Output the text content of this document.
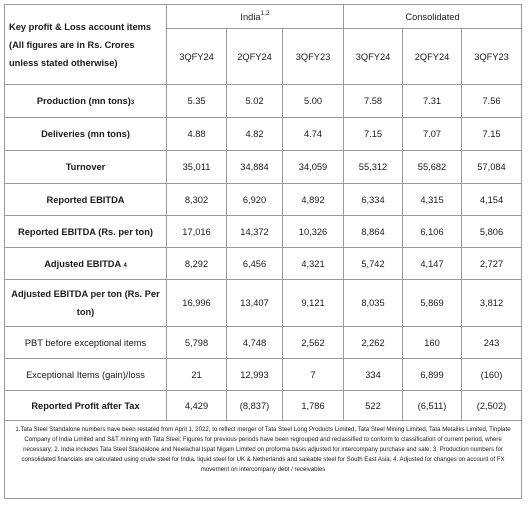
Key profit & Loss account items (All figures are in Rs. Crores unless stated otherwise)	India$^{1,2}$			Consolidated		
	3QFY24	2QFY24	3QFY23	3QFY24	2QFY24	3QFY23
Production (mn tons)3	5.35	5.02	5.00	7.58	7.31	7.56
Deliveries (mn tons)	4.88	4.82	4.74	7.15	7.07	7.15
Turnover	35,011	34,884	34,059	55,312	55,682	57,084
Reported EBITDA	8,302	6,920	4,892	6,334	4,315	4,154
Reported EBITDA (Rs. per ton)	17,016	14,372	10,326	8,864	6,106	5,806
Adjusted EBITDA 4	8,292	6,456	4,321	5,742	4,147	2,727
Adjusted EBITDA per ton (Rs. Per ton)	16,996	13,407	9,121	8,035	5,869	3,812
PBT before exceptional items	5,798	4,748	2,562	2,262	160	243
Exceptional Items (gain)/loss	21	12,993	7	334	6,899	(160)
Reported Profit after Tax	4,429	(8,837)	1,786	522	(6,511)	(2,502)
1.Tata Steel Standalone numbers have been restated from April 1, 2022, to reflect merger of Tata Steel Long Products Limited, Tata Steel Mining Limited, Tata Metaliks Limited, Tinplate Company of India Limited and S&T mining with Tata Steel; Figures for previous periods have been regrouped and reclassified to conform to classification of current period, where necessary; 2. India includes Tata Steel Standalone and Neelachal Ispat Nigam Limited on proforma basis adjusted for intercompany purchase and sale; 3. Production numbers for consolidated financials are calculated using crude steel for India, liquid steel for UK & Netherlands and saleable steel for South East Asia; 4. Adjusted for changes on account of FX movement on intercompany debt / receivables						
